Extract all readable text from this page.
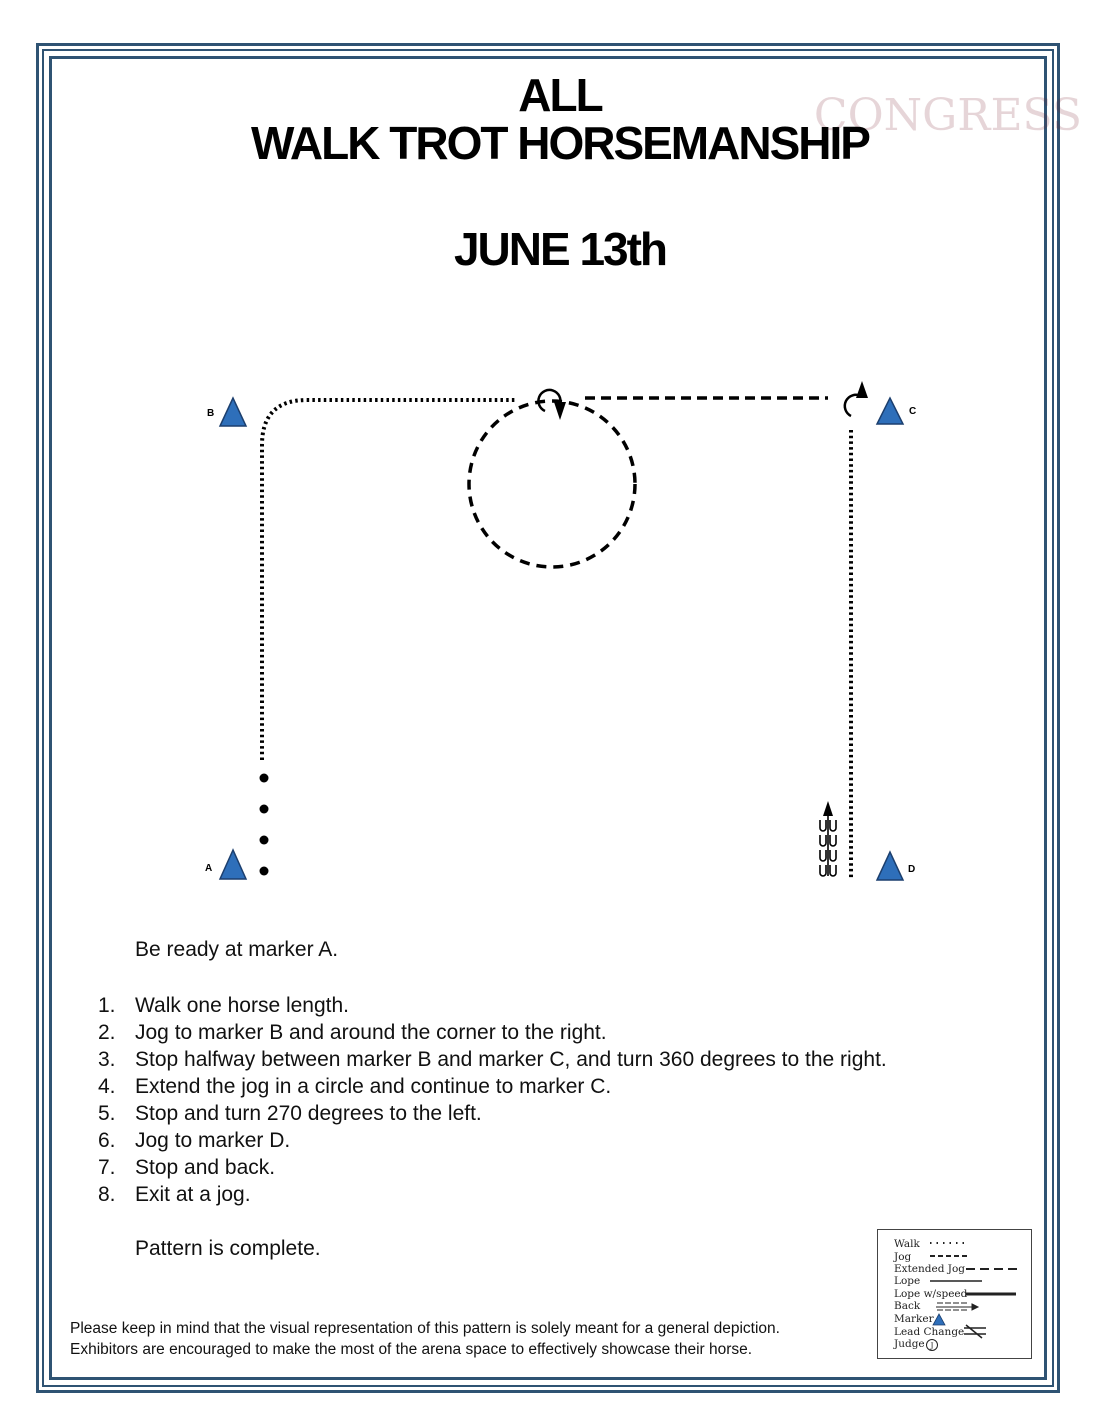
CONGRESS
ALL
WALK TROT HORSEMANSHIP
JUNE 13th
B	C
A	D
Be ready at marker A.
1. Walk one horse length.
2. Jog to marker B and around the corner to the right.
3. Stop halfway between marker B and marker C, and turn 360 degrees to the right.
4. Extend the jog in a circle and continue to marker C.
5. Stop and turn 270 degrees to the left.
6. Jog to marker D.
7. Stop and back.
8. Exit at a jog.
Pattern is complete.
Please keep in mind that the visual representation of this pattern is solely meant for a general depiction.
Exhibitors are encouraged to make the most of the arena space to effectively showcase their horse.
Walk
Jog
Extended Jog
Lope
Lope w/speed
Back
Marker
Lead Change
Judge J
